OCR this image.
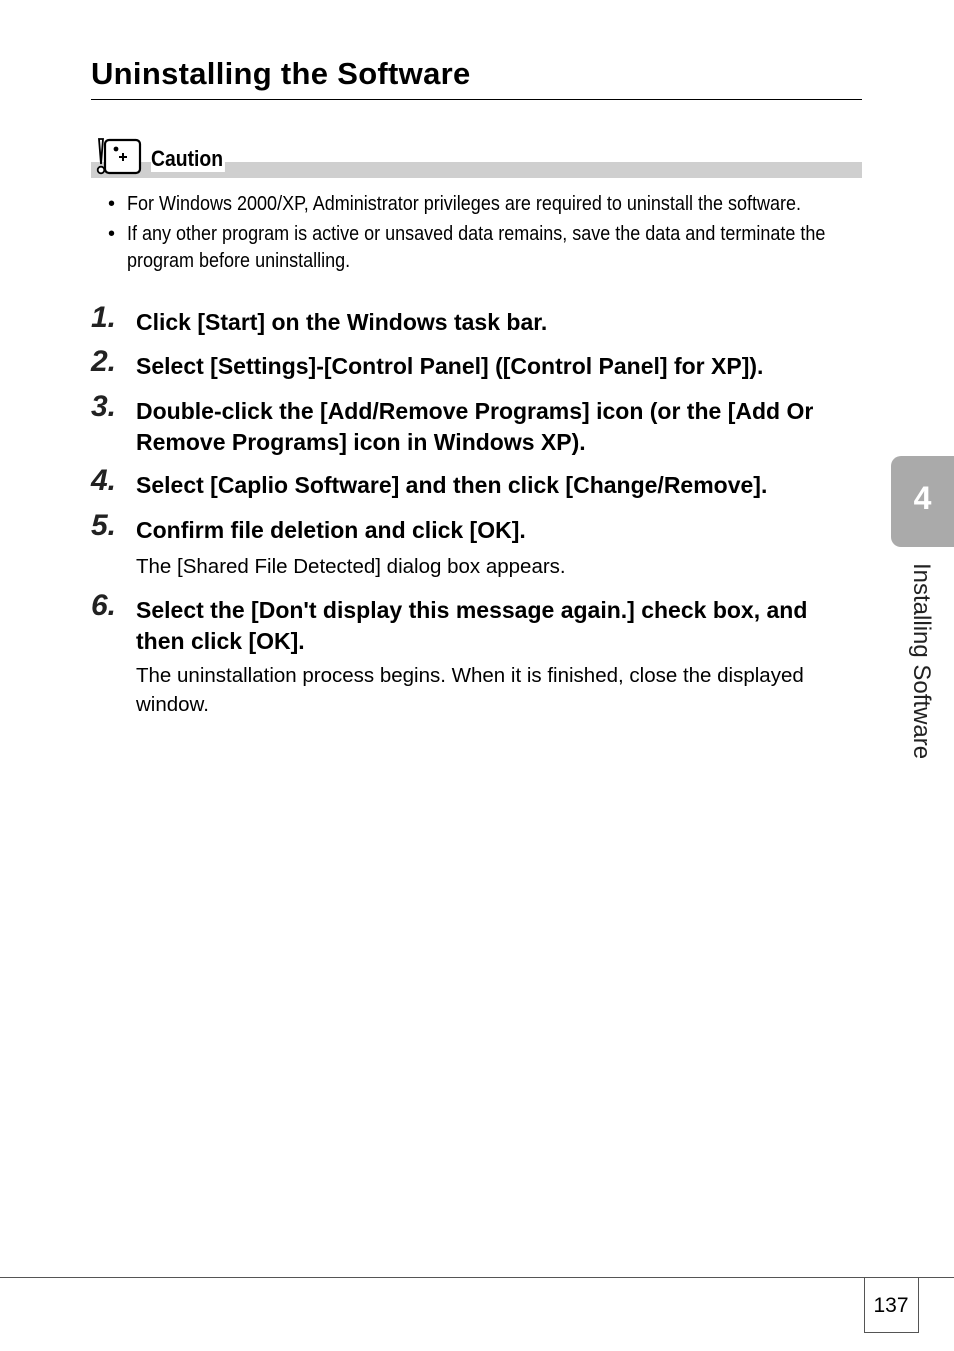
Uninstalling the Software
Caution
• For Windows 2000/XP, Administrator privileges are required to uninstall the software.
• If any other program is active or unsaved data remains, save the data and terminate the program before uninstalling.
1. Click [Start] on the Windows task bar.
2. Select [Settings]-[Control Panel] ([Control Panel] for XP]).
3. Double-click the [Add/Remove Programs] icon (or the [Add Or Remove Programs] icon in Windows XP).
4. Select [Caplio Software] and then click [Change/Remove].
5. Confirm file deletion and click [OK].
The [Shared File Detected] dialog box appears.
6. Select the [Don't display this message again.] check box, and then click [OK].
The uninstallation process begins. When it is finished, close the displayed window.
4
Installing Software
137
